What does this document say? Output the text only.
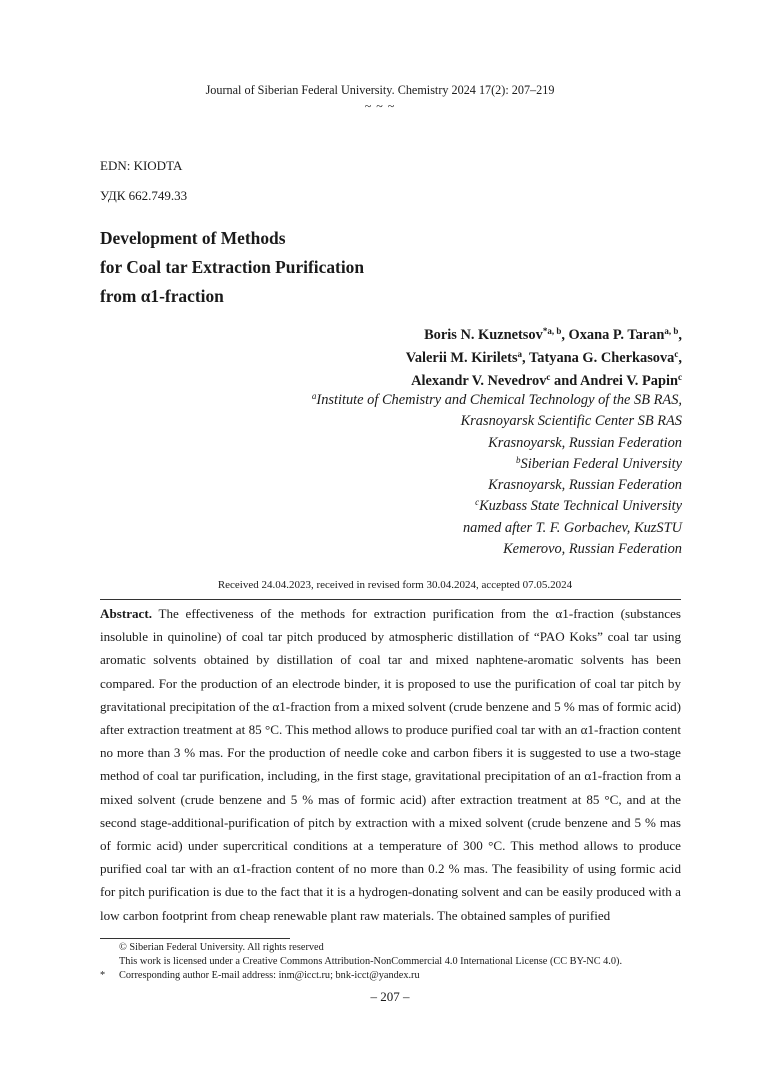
Journal of Siberian Federal University. Chemistry 2024 17(2): 207–219
~ ~ ~
EDN: KIODTA
УДК 662.749.33
Development of Methods
for Coal tar Extraction Purification
from α1-fraction
Boris N. Kuznetsov$^{*a, b}$, Oxana P. Taran$^{a, b}$,
Valerii M. Kirilets$^a$, Tatyana G. Cherkasova$^c$,
Alexandr V. Nevedrov$^c$ and Andrei V. Papin$^c$
$^a$Institute of Chemistry and Chemical Technology of the SB RAS,
Krasnoyarsk Scientific Center SB RAS
Krasnoyarsk, Russian Federation
$^b$Siberian Federal University
Krasnoyarsk, Russian Federation
$^c$Kuzbass State Technical University
named after T. F. Gorbachev, KuzSTU
Kemerovo, Russian Federation
Received 24.04.2023, received in revised form 30.04.2024, accepted 07.05.2024
Abstract. The effectiveness of the methods for extraction purification from the α1-fraction (substances insoluble in quinoline) of coal tar pitch produced by atmospheric distillation of “PAO Koks” coal tar using aromatic solvents obtained by distillation of coal tar and mixed naphtene-aromatic solvents has been compared. For the production of an electrode binder, it is proposed to use the purification of coal tar pitch by gravitational precipitation of the α1-fraction from a mixed solvent (crude benzene and 5 % mas of formic acid) after extraction treatment at 85 °C. This method allows to produce purified coal tar with an α1-fraction content no more than 3 % mas. For the production of needle coke and carbon fibers it is suggested to use a two-stage method of coal tar purification, including, in the first stage, gravitational precipitation of an α1-fraction from a mixed solvent (crude benzene and 5 % mas of formic acid) after extraction treatment at 85 °C, and at the second stage-additional-purification of pitch by extraction with a mixed solvent (crude benzene and 5 % mas of formic acid) under supercritical conditions at a temperature of 300 °C. This method allows to produce purified coal tar with an α1-fraction content of no more than 0.2 % mas. The feasibility of using formic acid for pitch purification is due to the fact that it is a hydrogen-donating solvent and can be easily produced with a low carbon footprint from cheap renewable plant raw materials. The obtained samples of purified
© Siberian Federal University. All rights reserved
This work is licensed under a Creative Commons Attribution-NonCommercial 4.0 International License (CC BY-NC 4.0).
* Corresponding author E-mail address: inm@icct.ru; bnk-icct@yandex.ru
– 207 –
